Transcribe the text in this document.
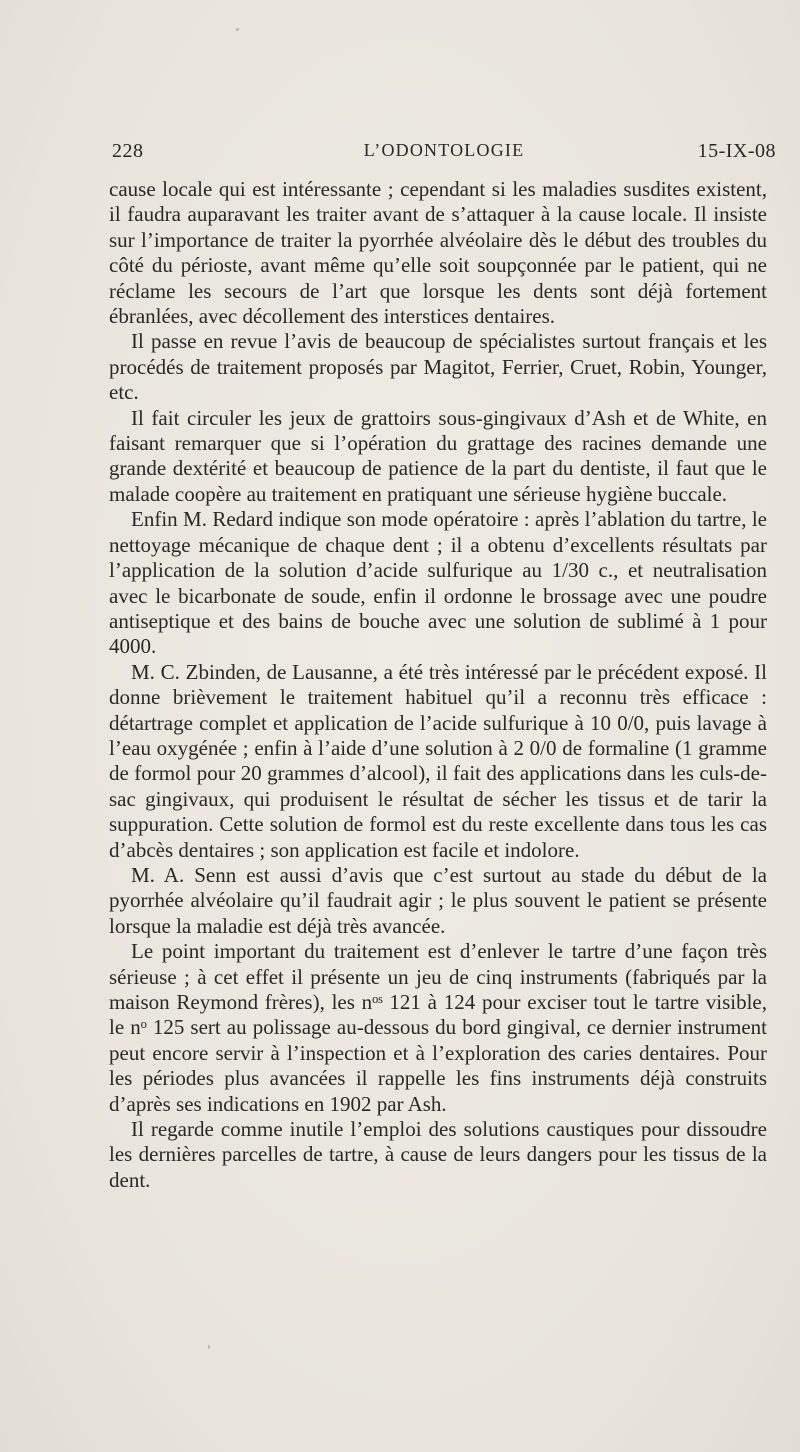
228	L’ODONTOLOGIE	15-IX-08

cause locale qui est intéressante ; cependant si les maladies susdites existent, il faudra auparavant les traiter avant de s’attaquer à la cause locale. Il insiste sur l’importance de traiter la pyorrhée alvéolaire dès le début des troubles du côté du périoste, avant même qu’elle soit soupçonnée par le patient, qui ne réclame les secours de l’art que lorsque les dents sont déjà fortement ébranlées, avec décollement des interstices dentaires.

Il passe en revue l’avis de beaucoup de spécialistes surtout français et les procédés de traitement proposés par Magitot, Ferrier, Cruet, Robin, Younger, etc.

Il fait circuler les jeux de grattoirs sous-gingivaux d’Ash et de White, en faisant remarquer que si l’opération du grattage des racines demande une grande dextérité et beaucoup de patience de la part du dentiste, il faut que le malade coopère au traitement en pratiquant une sérieuse hygiène buccale.

Enfin M. Redard indique son mode opératoire : après l’ablation du tartre, le nettoyage mécanique de chaque dent ; il a obtenu d’excellents résultats par l’application de la solution d’acide sulfurique au 1/30 c., et neutralisation avec le bicarbonate de soude, enfin il ordonne le brossage avec une poudre antiseptique et des bains de bouche avec une solution de sublimé à 1 pour 4000.

M. C. Zbinden, de Lausanne, a été très intéressé par le précédent exposé. Il donne brièvement le traitement habituel qu’il a reconnu très efficace : détartrage complet et application de l’acide sulfurique à 10 0/0, puis lavage à l’eau oxygénée ; enfin à l’aide d’une solution à 2 0/0 de formaline (1 gramme de formol pour 20 grammes d’alcool), il fait des applications dans les culs-de-sac gingivaux, qui produisent le résultat de sécher les tissus et de tarir la suppuration. Cette solution de formol est du reste excellente dans tous les cas d’abcès dentaires ; son application est facile et indolore.

M. A. Senn est aussi d’avis que c’est surtout au stade du début de la pyorrhée alvéolaire qu’il faudrait agir ; le plus souvent le patient se présente lorsque la maladie est déjà très avancée.

Le point important du traitement est d’enlever le tartre d’une façon très sérieuse ; à cet effet il présente un jeu de cinq instruments (fabriqués par la maison Reymond frères), les nᵒˢ 121 à 124 pour exciser tout le tartre visible, le nᵒ 125 sert au polissage au-dessous du bord gingival, ce dernier instrument peut encore servir à l’inspection et à l’exploration des caries dentaires. Pour les périodes plus avancées il rappelle les fins instruments déjà construits d’après ses indications en 1902 par Ash.

Il regarde comme inutile l’emploi des solutions caustiques pour dissoudre les dernières parcelles de tartre, à cause de leurs dangers pour les tissus de la dent.
